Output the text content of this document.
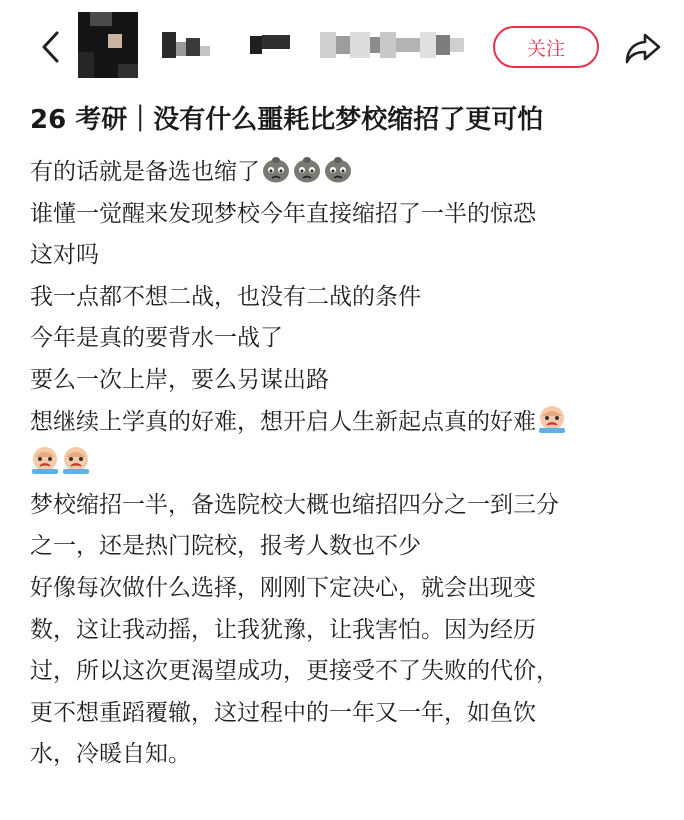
关注
26 考研｜没有什么噩耗比梦校缩招了更可怕
有的话就是备选也缩了
谁懂一觉醒来发现梦校今年直接缩招了一半的惊恐
这对吗
我一点都不想二战，也没有二战的条件
今年是真的要背水一战了
要么一次上岸，要么另谋出路
想继续上学真的好难，想开启人生新起点真的好难
梦校缩招一半，备选院校大概也缩招四分之一到三分
之一，还是热门院校，报考人数也不少
好像每次做什么选择，刚刚下定决心，就会出现变
数，这让我动摇，让我犹豫，让我害怕。因为经历
过，所以这次更渴望成功，更接受不了失败的代价，
更不想重蹈覆辙，这过程中的一年又一年，如鱼饮
水，冷暖自知。
